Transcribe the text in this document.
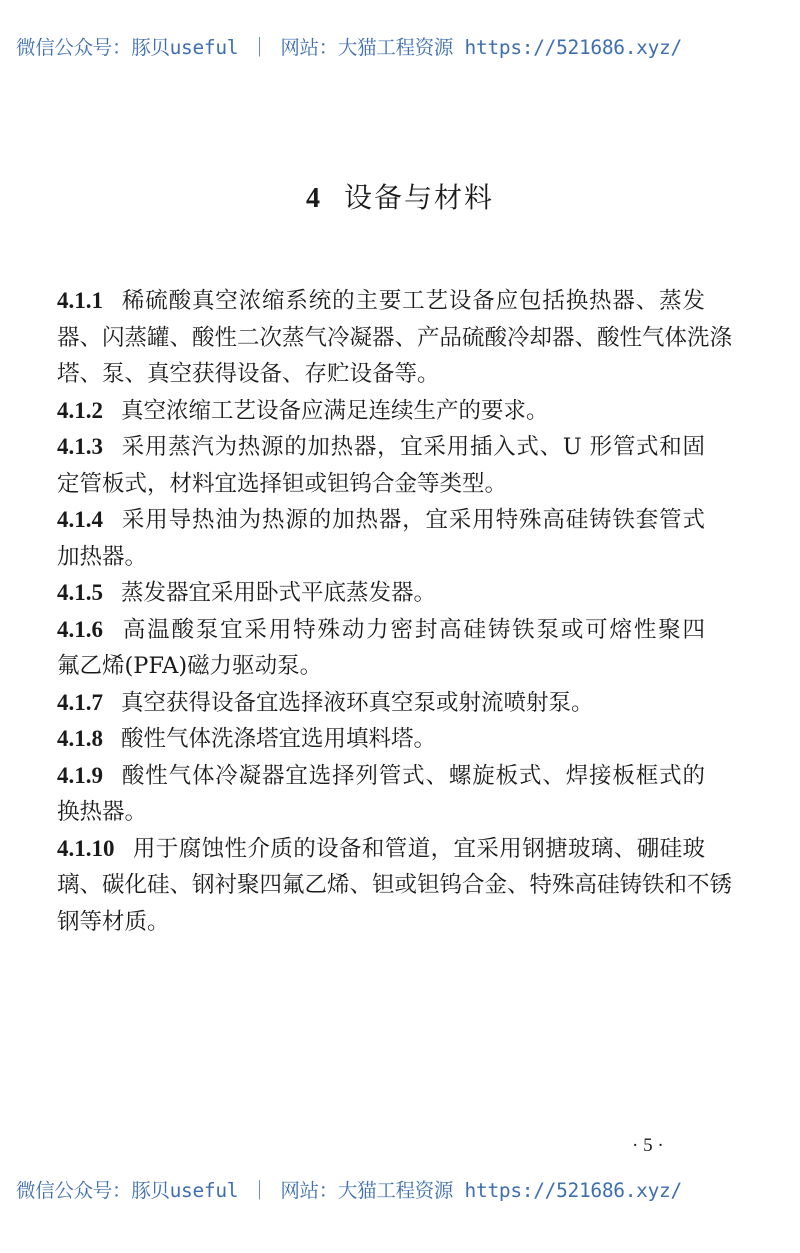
微信公众号：豚贝useful ｜ 网站：大猫工程资源 https://521686.xyz/
4 设备与材料
4.1.1 稀硫酸真空浓缩系统的主要工艺设备应包括换热器、蒸发
器、闪蒸罐、酸性二次蒸气冷凝器、产品硫酸冷却器、酸性气体洗涤
塔、泵、真空获得设备、存贮设备等。
4.1.2 真空浓缩工艺设备应满足连续生产的要求。
4.1.3 采用蒸汽为热源的加热器，宜采用插入式、U 形管式和固
定管板式，材料宜选择钽或钽钨合金等类型。
4.1.4 采用导热油为热源的加热器，宜采用特殊高硅铸铁套管式
加热器。
4.1.5 蒸发器宜采用卧式平底蒸发器。
4.1.6 高温酸泵宜采用特殊动力密封高硅铸铁泵或可熔性聚四
氟乙烯(PFA)磁力驱动泵。
4.1.7 真空获得设备宜选择液环真空泵或射流喷射泵。
4.1.8 酸性气体洗涤塔宜选用填料塔。
4.1.9 酸性气体冷凝器宜选择列管式、螺旋板式、焊接板框式的
换热器。
4.1.10 用于腐蚀性介质的设备和管道，宜采用钢搪玻璃、硼硅玻
璃、碳化硅、钢衬聚四氟乙烯、钽或钽钨合金、特殊高硅铸铁和不锈
钢等材质。
· 5 ·
微信公众号：豚贝useful ｜ 网站：大猫工程资源 https://521686.xyz/
